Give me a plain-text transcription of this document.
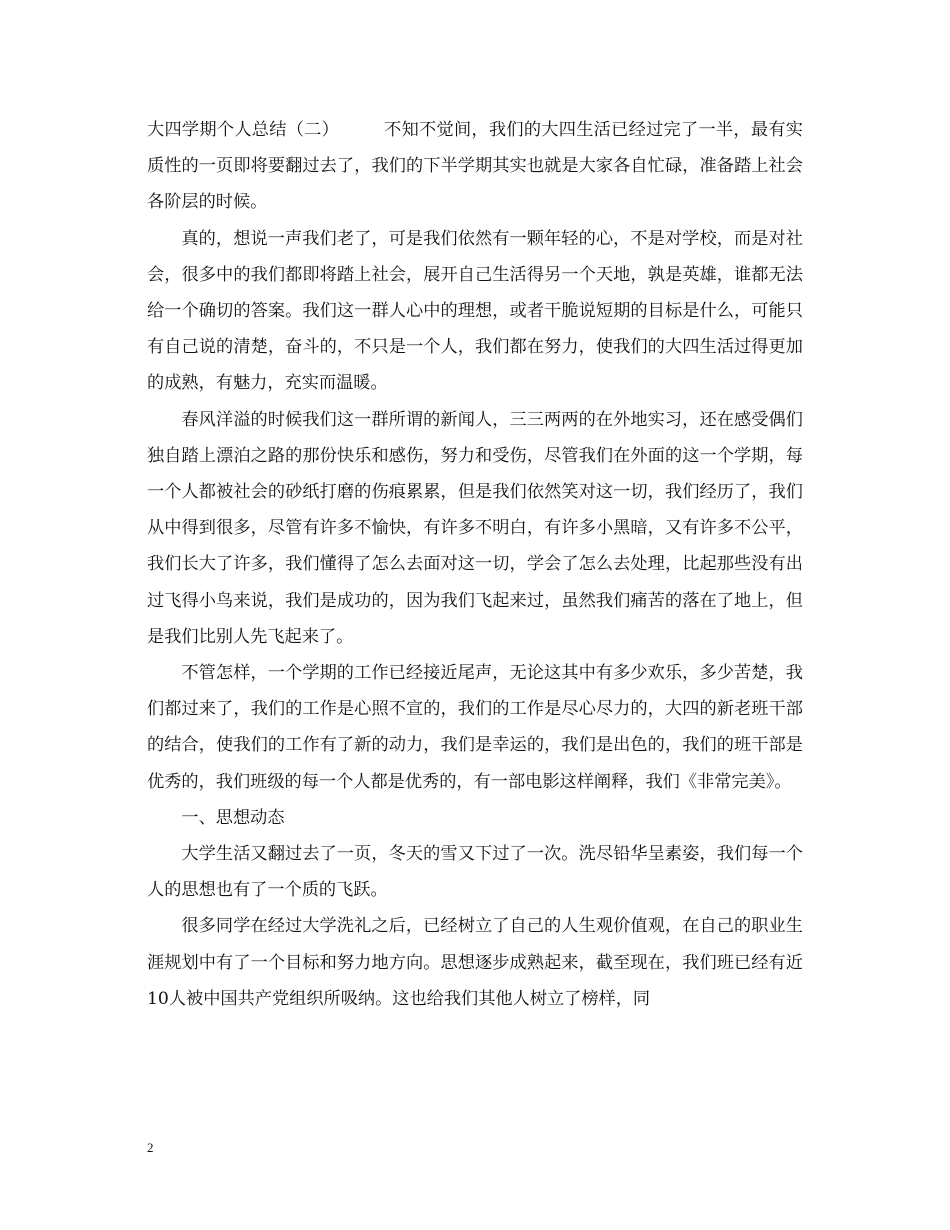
大四学期个人总结（二）	不知不觉间，我们的大四生活已经过完了一半，最有实质性的一页即将要翻过去了，我们的下半学期其实也就是大家各自忙碌，准备踏上社会各阶层的时候。

真的，想说一声我们老了，可是我们依然有一颗年轻的心，不是对学校，而是对社会，很多中的我们都即将踏上社会，展开自己生活得另一个天地，孰是英雄，谁都无法给一个确切的答案。我们这一群人心中的理想，或者干脆说短期的目标是什么，可能只有自己说的清楚，奋斗的，不只是一个人，我们都在努力，使我们的大四生活过得更加的成熟，有魅力，充实而温暖。

春风洋溢的时候我们这一群所谓的新闻人，三三两两的在外地实习，还在感受偶们独自踏上漂泊之路的那份快乐和感伤，努力和受伤，尽管我们在外面的这一个学期，每一个人都被社会的砂纸打磨的伤痕累累，但是我们依然笑对这一切，我们经历了，我们从中得到很多，尽管有许多不愉快，有许多不明白，有许多小黑暗，又有许多不公平，我们长大了许多，我们懂得了怎么去面对这一切，学会了怎么去处理，比起那些没有出过飞得小鸟来说，我们是成功的，因为我们飞起来过，虽然我们痛苦的落在了地上，但是我们比别人先飞起来了。

不管怎样，一个学期的工作已经接近尾声，无论这其中有多少欢乐，多少苦楚，我们都过来了，我们的工作是心照不宣的，我们的工作是尽心尽力的，大四的新老班干部的结合，使我们的工作有了新的动力，我们是幸运的，我们是出色的，我们的班干部是优秀的，我们班级的每一个人都是优秀的，有一部电影这样阐释，我们《非常完美》。

一、思想动态

大学生活又翻过去了一页，冬天的雪又下过了一次。洗尽铅华呈素姿，我们每一个人的思想也有了一个质的飞跃。

很多同学在经过大学洗礼之后，已经树立了自己的人生观价值观，在自己的职业生涯规划中有了一个目标和努力地方向。思想逐步成熟起来，截至现在，我们班已经有近10人被中国共产党组织所吸纳。这也给我们其他人树立了榜样，同

2
